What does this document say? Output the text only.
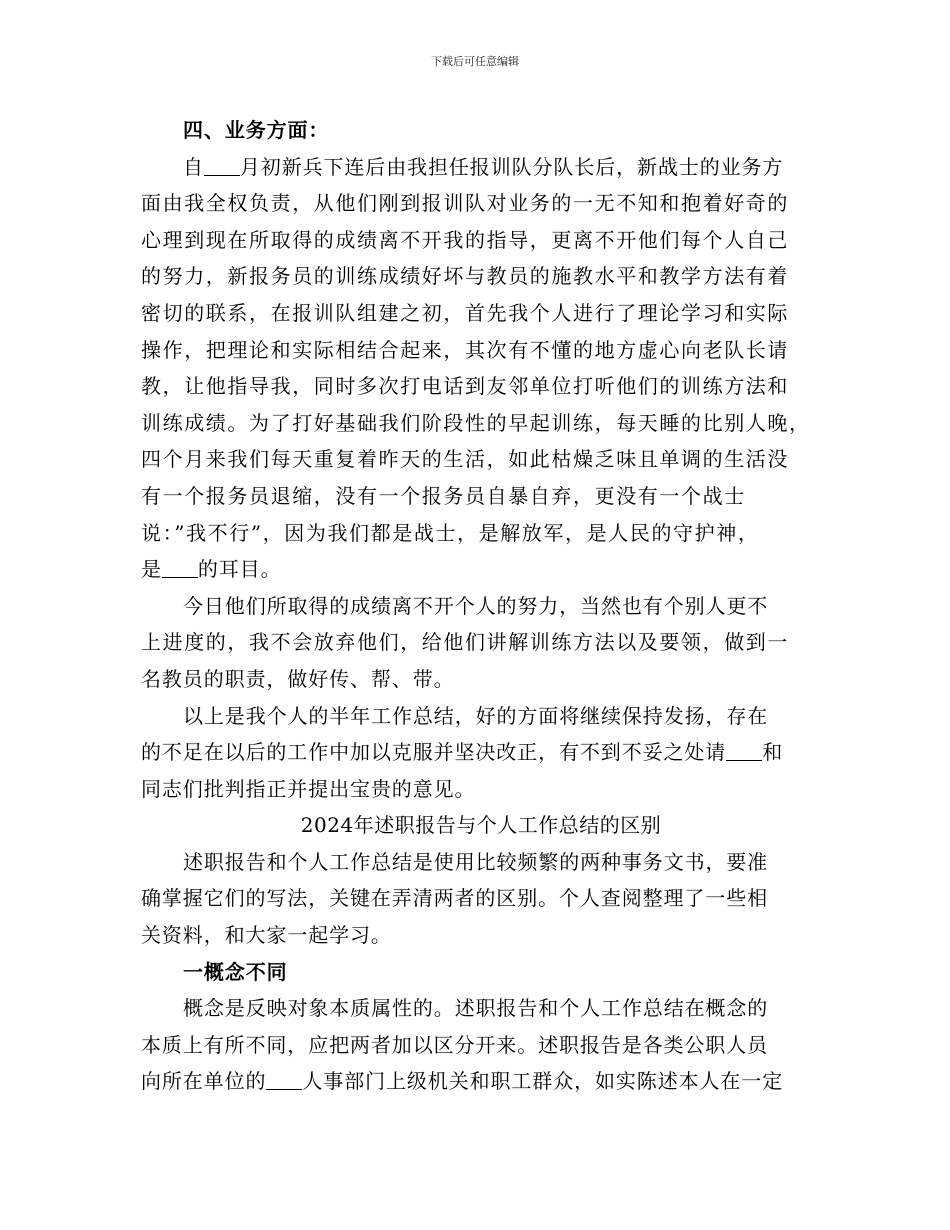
下载后可任意编辑
四、业务方面：
自 月初新兵下连后由我担任报训队分队长后，新战士的业务方
面由我全权负责，从他们刚到报训队对业务的一无不知和抱着好奇的
心理到现在所取得的成绩离不开我的指导，更离不开他们每个人自己
的努力，新报务员的训练成绩好坏与教员的施教水平和教学方法有着
密切的联系，在报训队组建之初，首先我个人进行了理论学习和实际
操作，把理论和实际相结合起来，其次有不懂的地方虚心向老队长请
教，让他指导我，同时多次打电话到友邻单位打听他们的训练方法和
训练成绩。为了打好基础我们阶段性的早起训练，每天睡的比别人晚，
四个月来我们每天重复着昨天的生活，如此枯燥乏味且单调的生活没
有一个报务员退缩，没有一个报务员自暴自弃，更没有一个战士
说：”我不行”，因为我们都是战士，是解放军，是人民的守护神，
是 的耳目。
今日他们所取得的成绩离不开个人的努力，当然也有个别人更不
上进度的，我不会放弃他们，给他们讲解训练方法以及要领，做到一
名教员的职责，做好传、帮、带。
以上是我个人的半年工作总结，好的方面将继续保持发扬，存在
的不足在以后的工作中加以克服并坚决改正，有不到不妥之处请 和
同志们批判指正并提出宝贵的意见。
2024年述职报告与个人工作总结的区别
述职报告和个人工作总结是使用比较频繁的两种事务文书，要准
确掌握它们的写法，关键在弄清两者的区别。个人查阅整理了一些相
关资料，和大家一起学习。
一概念不同
概念是反映对象本质属性的。述职报告和个人工作总结在概念的
本质上有所不同，应把两者加以区分开来。述职报告是各类公职人员
向所在单位的 人事部门上级机关和职工群众，如实陈述本人在一定
